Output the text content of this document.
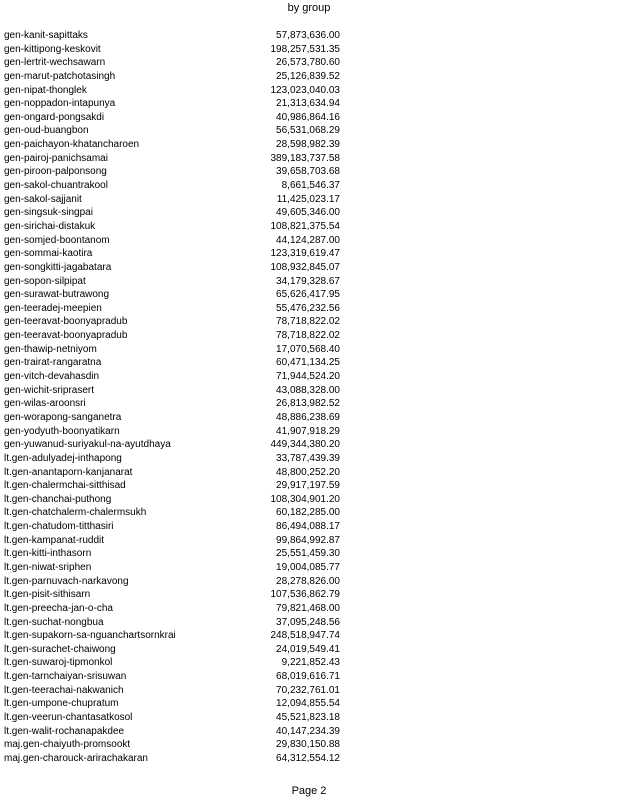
by group
gen-kanit-sapittaks	57,873,636.00
gen-kittipong-keskovit	198,257,531.35
gen-lertrit-wechsawarn	26,573,780.60
gen-marut-patchotasingh	25,126,839.52
gen-nipat-thonglek	123,023,040.03
gen-noppadon-intapunya	21,313,634.94
gen-ongard-pongsakdi	40,986,864.16
gen-oud-buangbon	56,531,068.29
gen-paichayon-khatancharoen	28,598,982.39
gen-pairoj-panichsamai	389,183,737.58
gen-piroon-palponsong	39,658,703.68
gen-sakol-chuantrakool	8,661,546.37
gen-sakol-sajjanit	11,425,023.17
gen-singsuk-singpai	49,605,346.00
gen-sirichai-distakuk	108,821,375.54
gen-somjed-boontanom	44,124,287.00
gen-sommai-kaotira	123,319,619.47
gen-songkitti-jagabatara	108,932,845.07
gen-sopon-silpipat	34,179,328.67
gen-surawat-butrawong	65,626,417.95
gen-teeradej-meepien	55,476,232.56
gen-teeravat-boonyapradub	78,718,822.02
gen-teeravat-boonyapradub	78,718,822.02
gen-thawip-netniyom	17,070,568.40
gen-trairat-rangaratna	60,471,134.25
gen-vitch-devahasdin	71,944,524.20
gen-wichit-sriprasert	43,088,328.00
gen-wilas-aroonsri	26,813,982.52
gen-worapong-sanganetra	48,886,238.69
gen-yodyuth-boonyatikarn	41,907,918.29
gen-yuwanud-suriyakul-na-ayutdhaya	449,344,380.20
lt.gen-adulyadej-inthapong	33,787,439.39
lt.gen-anantaporn-kanjanarat	48,800,252.20
lt.gen-chalermchai-sitthisad	29,917,197.59
lt.gen-chanchai-puthong	108,304,901.20
lt.gen-chatchalerm-chalermsukh	60,182,285.00
lt.gen-chatudom-titthasiri	86,494,088.17
lt.gen-kampanat-ruddit	99,864,992.87
lt.gen-kitti-inthasorn	25,551,459.30
lt.gen-niwat-sriphen	19,004,085.77
lt.gen-parnuvach-narkavong	28,278,826.00
lt.gen-pisit-sithisarn	107,536,862.79
lt.gen-preecha-jan-o-cha	79,821,468.00
lt.gen-suchat-nongbua	37,095,248.56
lt.gen-supakorn-sa-nguanchartsornkrai	248,518,947.74
lt.gen-surachet-chaiwong	24,019,549.41
lt.gen-suwaroj-tipmonkol	9,221,852.43
lt.gen-tarnchaiyan-srisuwan	68,019,616.71
lt.gen-teerachai-nakwanich	70,232,761.01
lt.gen-umpone-chupratum	12,094,855.54
lt.gen-veerun-chantasatkosol	45,521,823.18
lt.gen-walit-rochanapakdee	40,147,234.39
maj.gen-chaiyuth-promsookt	29,830,150.88
maj.gen-charouck-arirachakaran	64,312,554.12
Page 2
